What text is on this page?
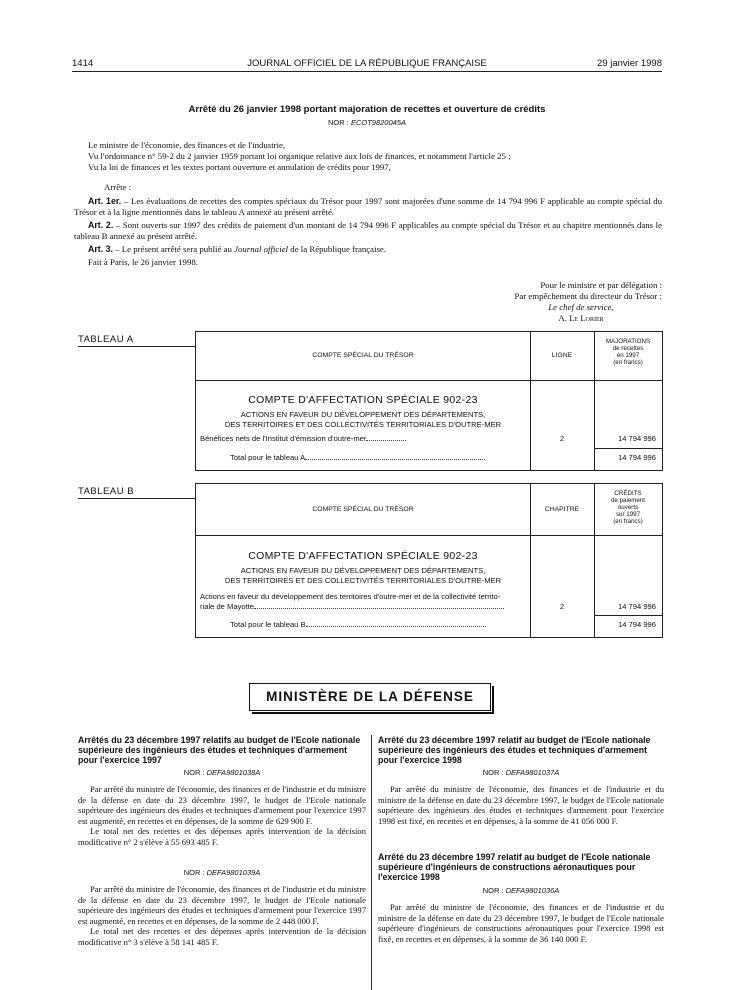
1414	JOURNAL OFFICIEL DE LA RÉPUBLIQUE FRANÇAISE	29 janvier 1998
Arrêté du 26 janvier 1998 portant majoration de recettes et ouverture de crédits
NOR : ECOT9820045A

Le ministre de l'économie, des finances et de l'industrie,

Vu l'ordonnance n° 59-2 du 2 janvier 1959 portant loi organique relative aux lois de finances, et notamment l'article 25 ;

Vu la loi de finances et les textes portant ouverture et annulation de crédits pour 1997,

Arrête :

Art. 1er. – Les évaluations de recettes des comptes spéciaux du Trésor pour 1997 sont majorées d'une somme de 14 794 996 F applicable au compte spécial du Trésor et à la ligne mentionnés dans le tableau A annexé au présent arrêté.

Art. 2. – Sont ouverts sur 1997 des crédits de paiement d'un montant de 14 794 996 F applicables au compte spécial du Trésor et au chapitre mentionnés dans le tableau B annexé au présent arrêté.

Art. 3. – Le présent arrêté sera publié au Journal officiel de la République française.

Fait à Paris, le 26 janvier 1998.

Pour le ministre et par délégation :

Par empêchement du directeur du Trésor :

Le chef de service,

A. Le Lorier

TABLEAU A
COMPTE SPÉCIAL DU TRÉSOR	LIGNE
MAJORATIONS
de recettes
en 1997
(en francs)
COMPTE D'AFFECTATION SPÉCIALE 902-23
ACTIONS EN FAVEUR DU DÉVELOPPEMENT DES DÉPARTEMENTS,
DES TERRITOIRES ET DES COLLECTIVITÉS TERRITORIALES D'OUTRE-MER
Bénéfices nets de l'Institut d'émission d'outre-mer	2	14 794 996
Total pour le tableau A	14 794 996
TABLEAU B
COMPTE SPÉCIAL DU TRÉSOR	CHAPITRE
CRÉDITS
de paiement
ouverts
sur 1997
(en francs)
COMPTE D'AFFECTATION SPÉCIALE 902-23
ACTIONS EN FAVEUR DU DÉVELOPPEMENT DES DÉPARTEMENTS,
DES TERRITOIRES ET DES COLLECTIVITÉS TERRITORIALES D'OUTRE-MER
Actions en faveur du développement des territoires d'outre-mer et de la collectivité territo-
riale de Mayotte	2	14 794 996
Total pour le tableau B	14 794 996
MINISTÈRE DE LA DÉFENSE
Arrêtés du 23 décembre 1997 relatifs au budget de l'Ecole nationale supérieure des ingénieurs des études et techniques d'armement pour l'exercice 1997
NOR : DEFA9801038A

Par arrêté du ministre de l'économie, des finances et de l'industrie et du ministre de la défense en date du 23 décembre 1997, le budget de l'Ecole nationale supérieure des ingénieurs des études et techniques d'armement pour l'exercice 1997 est augmenté, en recettes et en dépenses, de la somme de 629 900 F.

Le total net des recettes et des dépenses après intervention de la décision modificative n° 2 s'élève à 55 693 485 F.

NOR : DEFA9801039A

Par arrêté du ministre de l'économie, des finances et de l'industrie et du ministre de la défense en date du 23 décembre 1997, le budget de l'Ecole nationale supérieure des ingénieurs des études et techniques d'armement pour l'exercice 1997 est augmenté, en recettes et en dépenses, de la somme de 2 448 000 F.

Le total net des recettes et des dépenses après intervention de la décision modificative n° 3 s'élève à 58 141 485 F.

Arrêté du 23 décembre 1997 relatif au budget de l'Ecole nationale supérieure des ingénieurs des études et techniques d'armement pour l'exercice 1998
NOR : DEFA9801037A

Par arrêté du ministre de l'économie, des finances et de l'industrie et du ministre de la défense en date du 23 décembre 1997, le budget de l'Ecole nationale supérieure des ingénieurs des études et techniques d'armement pour l'exercice 1998 est fixé, en recettes et en dépenses, à la somme de 41 056 000 F.

Arrêté du 23 décembre 1997 relatif au budget de l'Ecole nationale supérieure d'ingénieurs de constructions aéronautiques pour l'exercice 1998
NOR : DEFA9801036A

Par arrêté du ministre de l'économie, des finances et de l'industrie et du ministre de la défense en date du 23 décembre 1997, le budget de l'Ecole nationale supérieure d'ingénieurs de constructions aéronautiques pour l'exercice 1998 est fixé, en recettes et en dépenses, à la somme de 36 140 000 F.
